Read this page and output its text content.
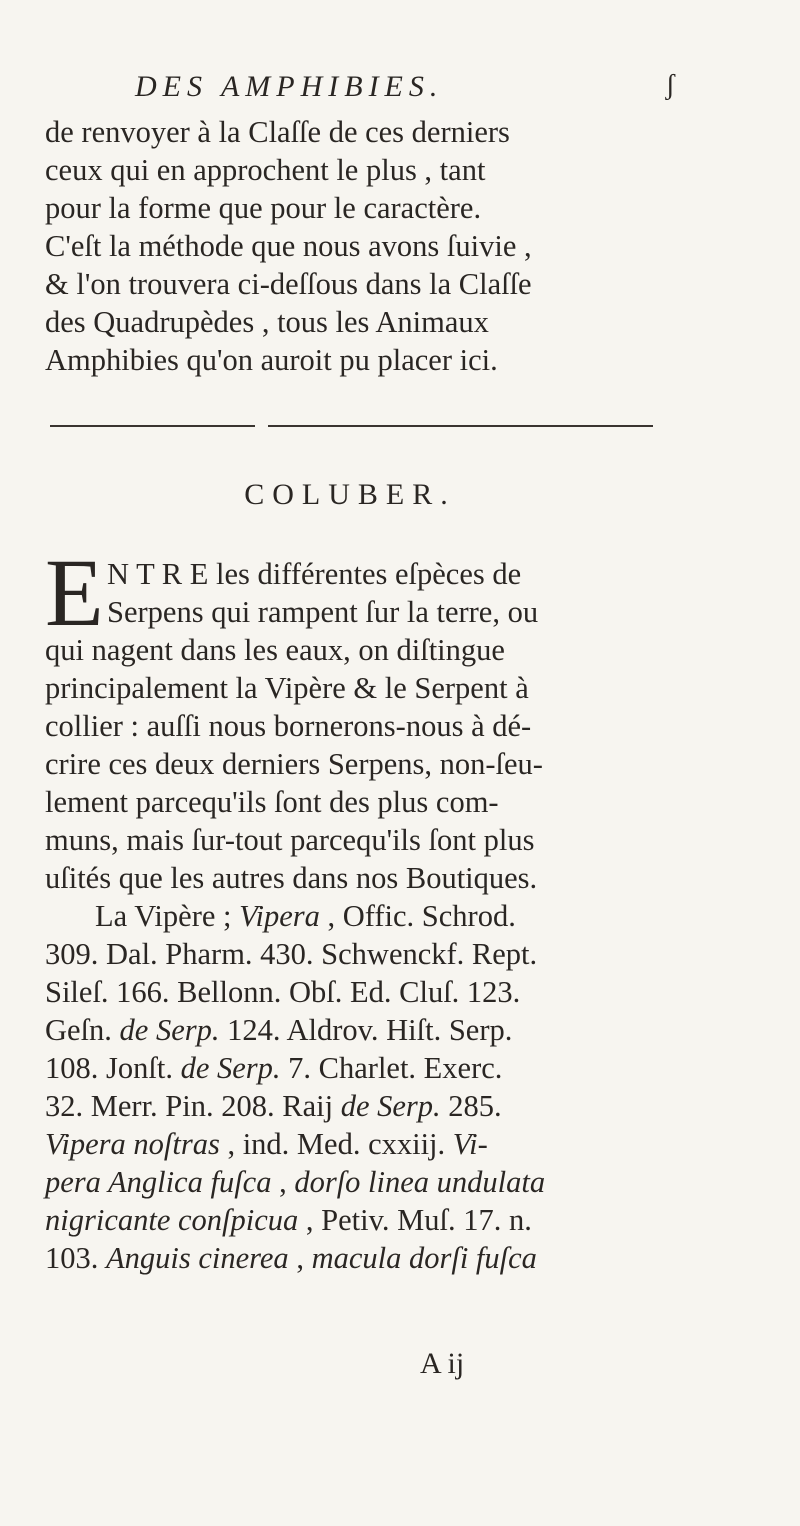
DES AMPHIBIES.	ʃ
de renvoyer à la Claſſe de ces derniers
ceux qui en approchent le plus , tant
pour la forme que pour le caractère.
C'eſt la méthode que nous avons ſuivie ,
& l'on trouvera ci-deſſous dans la Claſſe
des Quadrupèdes , tous les Animaux
Amphibies qu'on auroit pu placer ici.
COLUBER.
E N T R E les différentes eſpèces de
Serpens qui rampent ſur la terre, ou
qui nagent dans les eaux, on diſtingue
principalement la Vipère & le Serpent à
collier : auſſi nous bornerons-nous à dé-
crire ces deux derniers Serpens, non-ſeu-
lement parcequ'ils ſont des plus com-
muns, mais ſur-tout parcequ'ils ſont plus
uſités que les autres dans nos Boutiques.
La Vipère ; Vipera , Offic. Schrod.
309. Dal. Pharm. 430. Schwenckf. Rept.
Sileſ. 166. Bellonn. Obſ. Ed. Cluſ. 123.
Geſn. de Serp. 124. Aldrov. Hiſt. Serp.
108. Jonſt. de Serp. 7. Charlet. Exerc.
32. Merr. Pin. 208. Raij de Serp. 285.
Vipera noſtras , ind. Med. cxxiij. Vi-
pera Anglica fuſca , dorſo linea undulata
nigricante conſpicua , Petiv. Muſ. 17. n.
103. Anguis cinerea , macula dorſi fuſca
A ij
